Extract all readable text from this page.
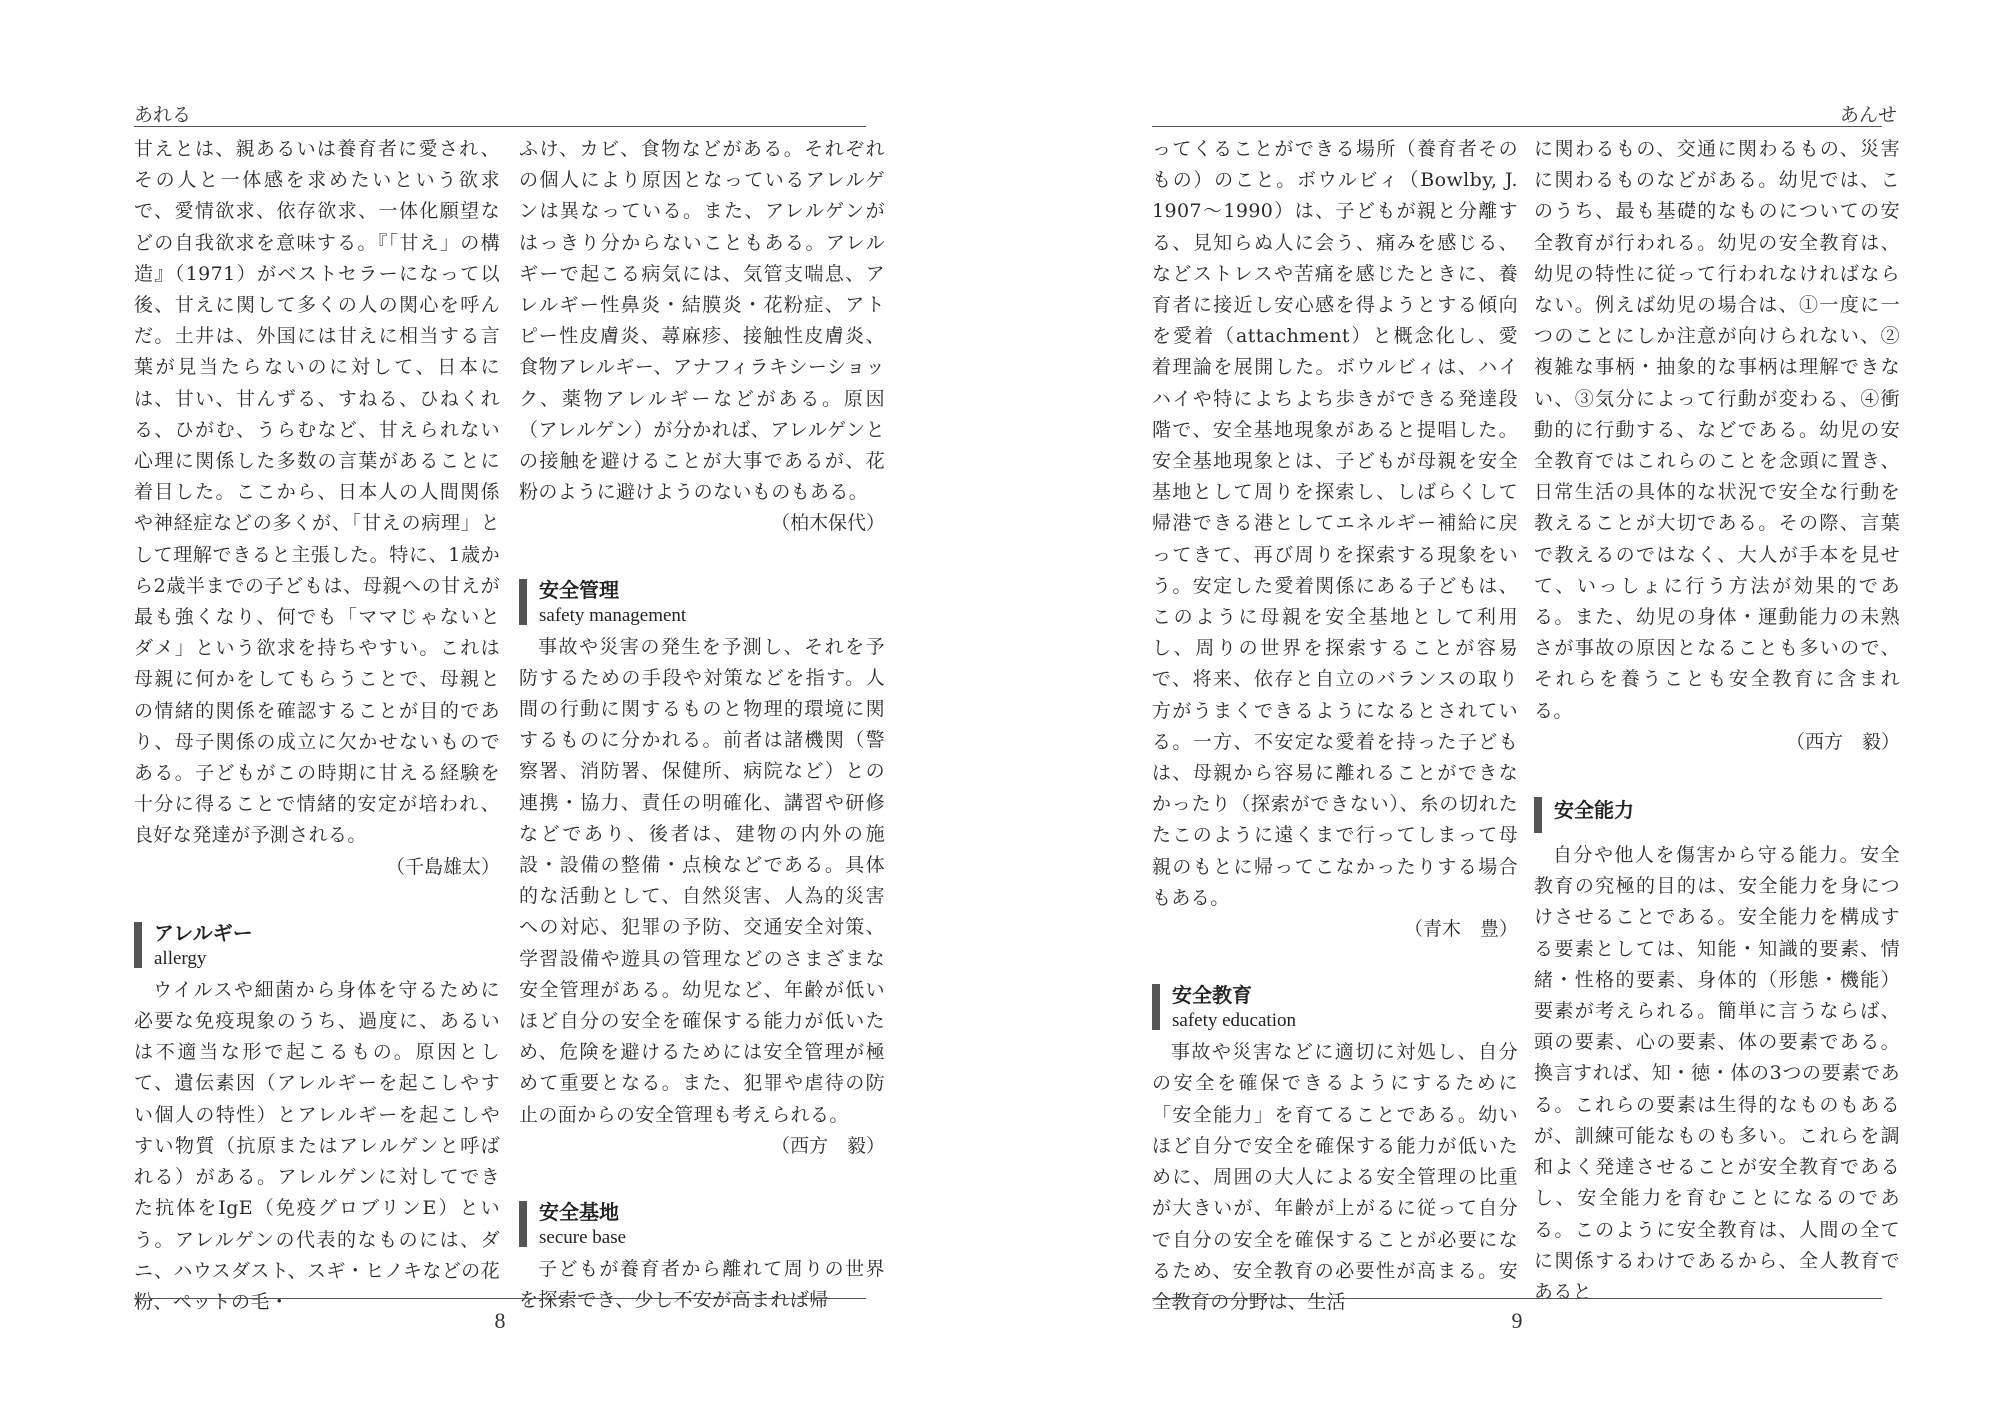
あれる

甘えとは、親あるいは養育者に愛され、その人と一体感を求めたいという欲求で、愛情欲求、依存欲求、一体化願望などの自我欲求を意味する。『「甘え」の構造』（1971）がベストセラーになって以後、甘えに関して多くの人の関心を呼んだ。土井は、外国には甘えに相当する言葉が見当たらないのに対して、日本には、甘い、甘んずる、すねる、ひねくれる、ひがむ、うらむなど、甘えられない心理に関係した多数の言葉があることに着目した。ここから、日本人の人間関係や神経症などの多くが、「甘えの病理」として理解できると主張した。特に、1歳から2歳半までの子どもは、母親への甘えが最も強くなり、何でも「ママじゃないとダメ」という欲求を持ちやすい。これは母親に何かをしてもらうことで、母親との情緒的関係を確認することが目的であり、母子関係の成立に欠かせないものである。子どもがこの時期に甘える経験を十分に得ることで情緒的安定が培われ、良好な発達が予測される。

（千島雄太）
アレルギー
allergy

ウイルスや細菌から身体を守るために必要な免疫現象のうち、過度に、あるいは不適当な形で起こるもの。原因として、遺伝素因（アレルギーを起こしやすい個人の特性）とアレルギーを起こしやすい物質（抗原またはアレルゲンと呼ばれる）がある。アレルゲンに対してできた抗体をIgE（免疫グロブリンE）という。アレルゲンの代表的なものには、ダニ、ハウスダスト、スギ・ヒノキなどの花粉、ペットの毛・

ふけ、カビ、食物などがある。それぞれの個人により原因となっているアレルゲンは異なっている。また、アレルゲンがはっきり分からないこともある。アレルギーで起こる病気には、気管支喘息、アレルギー性鼻炎・結膜炎・花粉症、アトピー性皮膚炎、蕁麻疹、接触性皮膚炎、食物アレルギー、アナフィラキシーショック、薬物アレルギーなどがある。原因（アレルゲン）が分かれば、アレルゲンとの接触を避けることが大事であるが、花粉のように避けようのないものもある。

（柏木保代）
安全管理
safety management

事故や災害の発生を予測し、それを予防するための手段や対策などを指す。人間の行動に関するものと物理的環境に関するものに分かれる。前者は諸機関（警察署、消防署、保健所、病院など）との連携・協力、責任の明確化、講習や研修などであり、後者は、建物の内外の施設・設備の整備・点検などである。具体的な活動として、自然災害、人為的災害への対応、犯罪の予防、交通安全対策、学習設備や遊具の管理などのさまざまな安全管理がある。幼児など、年齢が低いほど自分の安全を確保する能力が低いため、危険を避けるためには安全管理が極めて重要となる。また、犯罪や虐待の防止の面からの安全管理も考えられる。

（西方　毅）
安全基地
secure base

子どもが養育者から離れて周りの世界を探索でき、少し不安が高まれば帰

8
あんせ

ってくることができる場所（養育者そのもの）のこと。ボウルビィ（Bowlby, J. 1907〜1990）は、子どもが親と分離する、見知らぬ人に会う、痛みを感じる、などストレスや苦痛を感じたときに、養育者に接近し安心感を得ようとする傾向を愛着（attachment）と概念化し、愛着理論を展開した。ボウルビィは、ハイハイや特によちよち歩きができる発達段階で、安全基地現象があると提唱した。安全基地現象とは、子どもが母親を安全基地として周りを探索し、しばらくして帰港できる港としてエネルギー補給に戻ってきて、再び周りを探索する現象をいう。安定した愛着関係にある子どもは、このように母親を安全基地として利用し、周りの世界を探索することが容易で、将来、依存と自立のバランスの取り方がうまくできるようになるとされている。一方、不安定な愛着を持った子どもは、母親から容易に離れることができなかったり（探索ができない）、糸の切れたたこのように遠くまで行ってしまって母親のもとに帰ってこなかったりする場合もある。

（青木　豊）
安全教育
safety education

事故や災害などに適切に対処し、自分の安全を確保できるようにするために「安全能力」を育てることである。幼いほど自分で安全を確保する能力が低いために、周囲の大人による安全管理の比重が大きいが、年齢が上がるに従って自分で自分の安全を確保することが必要になるため、安全教育の必要性が高まる。安全教育の分野は、生活

に関わるもの、交通に関わるもの、災害に関わるものなどがある。幼児では、このうち、最も基礎的なものについての安全教育が行われる。幼児の安全教育は、幼児の特性に従って行われなければならない。例えば幼児の場合は、①一度に一つのことにしか注意が向けられない、②複雑な事柄・抽象的な事柄は理解できない、③気分によって行動が変わる、④衝動的に行動する、などである。幼児の安全教育ではこれらのことを念頭に置き、日常生活の具体的な状況で安全な行動を教えることが大切である。その際、言葉で教えるのではなく、大人が手本を見せて、いっしょに行う方法が効果的である。また、幼児の身体・運動能力の未熟さが事故の原因となることも多いので、それらを養うことも安全教育に含まれる。

（西方　毅）
安全能力

自分や他人を傷害から守る能力。安全教育の究極的目的は、安全能力を身につけさせることである。安全能力を構成する要素としては、知能・知識的要素、情緒・性格的要素、身体的（形態・機能）要素が考えられる。簡単に言うならば、頭の要素、心の要素、体の要素である。換言すれば、知・徳・体の3つの要素である。これらの要素は生得的なものもあるが、訓練可能なものも多い。これらを調和よく発達させることが安全教育であるし、安全能力を育むことになるのである。このように安全教育は、人間の全てに関係するわけであるから、全人教育であると

9
